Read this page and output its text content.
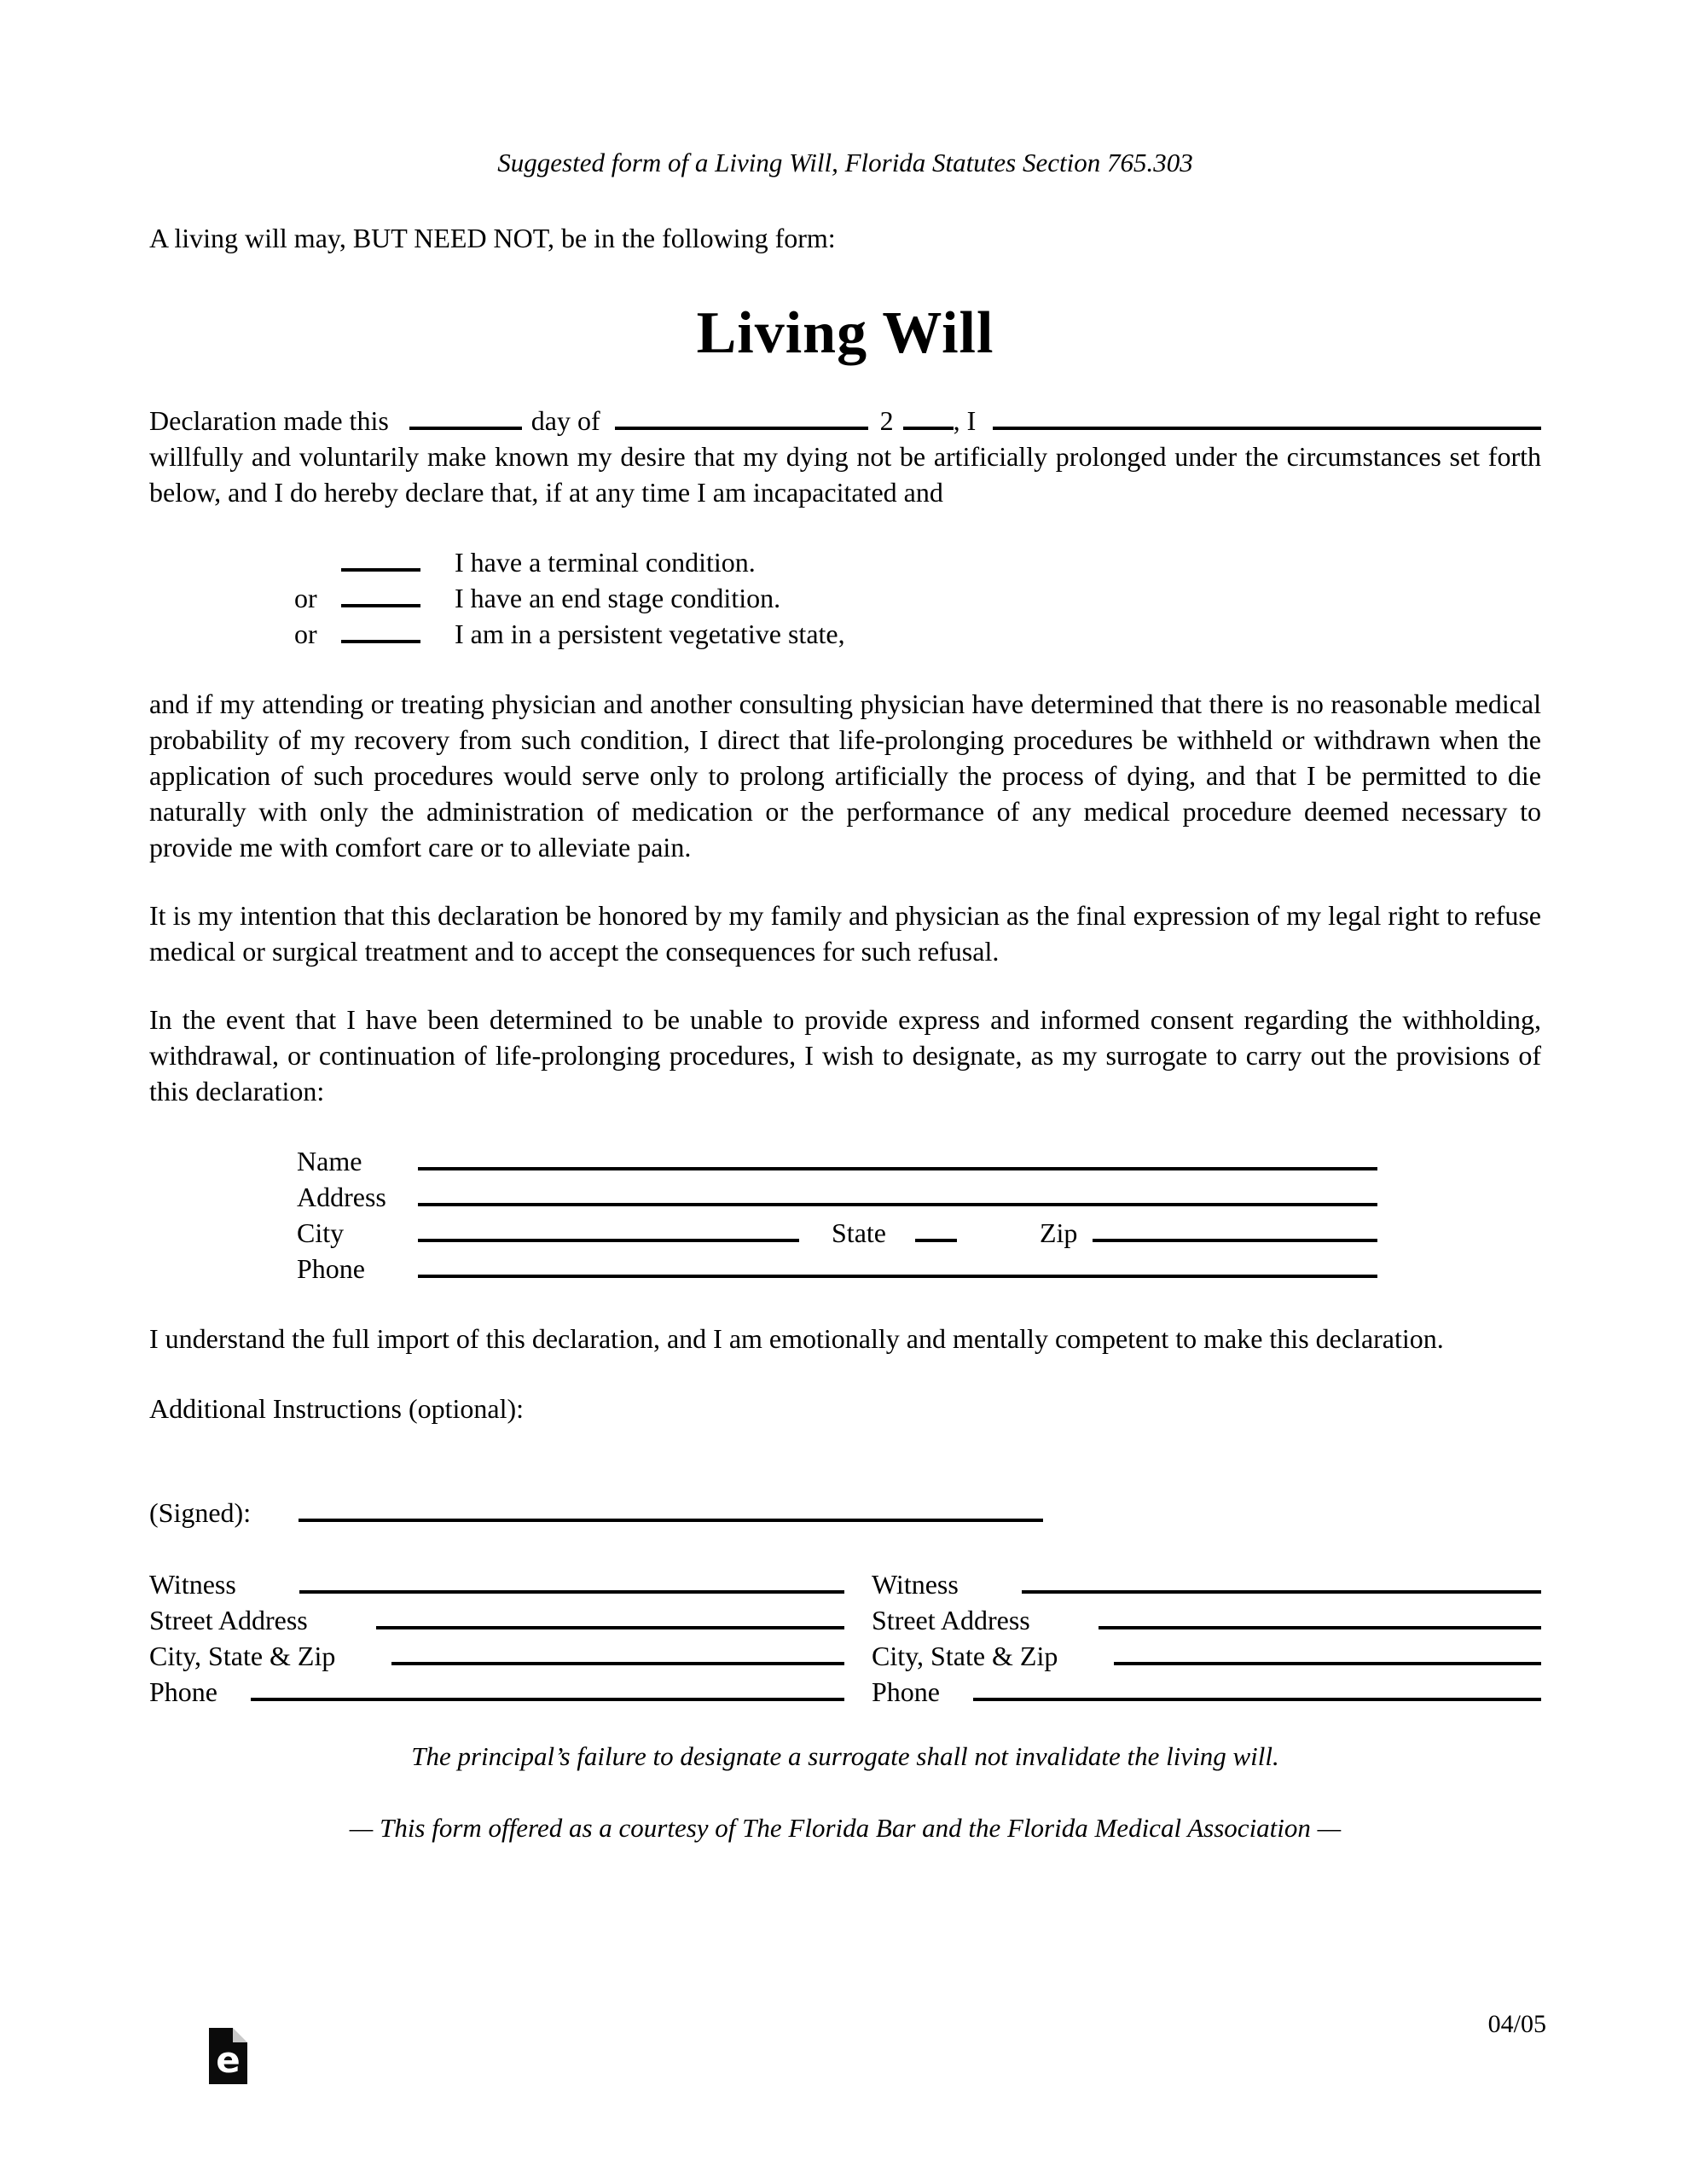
Suggested form of a Living Will, Florida Statutes Section 765.303
A living will may, BUT NEED NOT, be in the following form:
Living Will
Declaration made this	day of	2 , I
willfully and voluntarily make known my desire that my dying not be artificially prolonged under the circumstances set forth below, and I do hereby declare that, if at any time I am incapacitated and
I have a terminal condition.
or	I have an end stage condition.
or	I am in a persistent vegetative state,
and if my attending or treating physician and another consulting physician have determined that there is no reasonable medical probability of my recovery from such condition, I direct that life-prolonging procedures be withheld or withdrawn when the application of such procedures would serve only to prolong artificially the process of dying, and that I be permitted to die naturally with only the administration of medication or the performance of any medical procedure deemed necessary to provide me with comfort care or to alleviate pain.
It is my intention that this declaration be honored by my family and physician as the final expression of my legal right to refuse medical or surgical treatment and to accept the consequences for such refusal.
In the event that I have been determined to be unable to provide express and informed consent regarding the withholding, withdrawal, or continuation of life-prolonging procedures, I wish to designate, as my surrogate to carry out the provisions of this declaration:
Name
Address
City	State	Zip
Phone
I understand the full import of this declaration, and I am emotionally and mentally competent to make this declaration.
Additional Instructions (optional):
(Signed):
Witness
Street Address
City, State & Zip
Phone
Witness
Street Address
City, State & Zip
Phone
The principal’s failure to designate a surrogate shall not invalidate the living will.
— This form offered as a courtesy of The Florida Bar and the Florida Medical Association —
04/05
e
